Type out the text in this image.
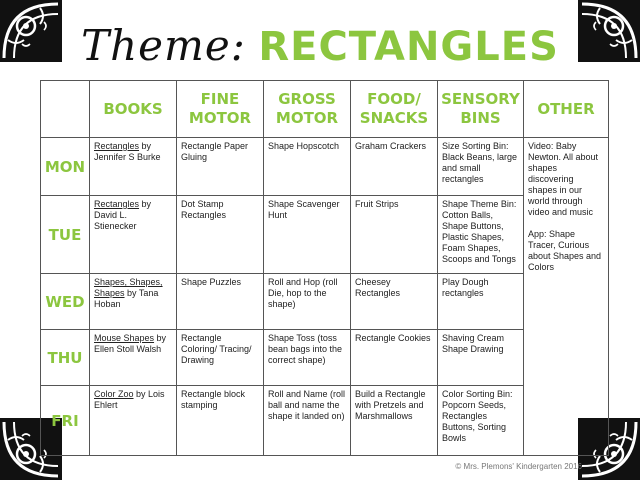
Theme: RECTANGLES
	BOOKS	FINE MOTOR	GROSS MOTOR	FOOD/ SNACKS	SENSORY BINS	OTHER
MON	Rectangles by Jennifer S Burke	Rectangle Paper Gluing	Shape Hopscotch	Graham Crackers	Size Sorting Bin: Black Beans, large and small rectangles	Video: Baby Newton. All about shapes discovering shapes in our world through video and music
App: Shape Tracer, Curious about Shapes and Colors

TUE	Rectangles by David L. Stienecker	Dot Stamp Rectangles	Shape Scavenger Hunt	Fruit Strips	Shape Theme Bin: Cotton Balls, Shape Buttons, Plastic Shapes, Foam Shapes, Scoops and Tongs	
WED	Shapes, Shapes, Shapes by Tana Hoban	Shape Puzzles	Roll and Hop (roll Die, hop to the shape)	Cheesey Rectangles	Play Dough rectangles	
THU	Mouse Shapes by Ellen Stoll Walsh	Rectangle Coloring/ Tracing/ Drawing	Shape Toss (toss bean bags into the correct shape)	Rectangle Cookies	Shaving Cream Shape Drawing	
FRI	Color Zoo by Lois Ehlert	Rectangle block stamping	Roll and Name (roll ball and name the shape it landed on)	Build a Rectangle with Pretzels and Marshmallows	Color Sorting Bin: Popcorn Seeds, Rectangles Buttons, Sorting Bowls	
© Mrs. Plemons' Kindergarten 2016
